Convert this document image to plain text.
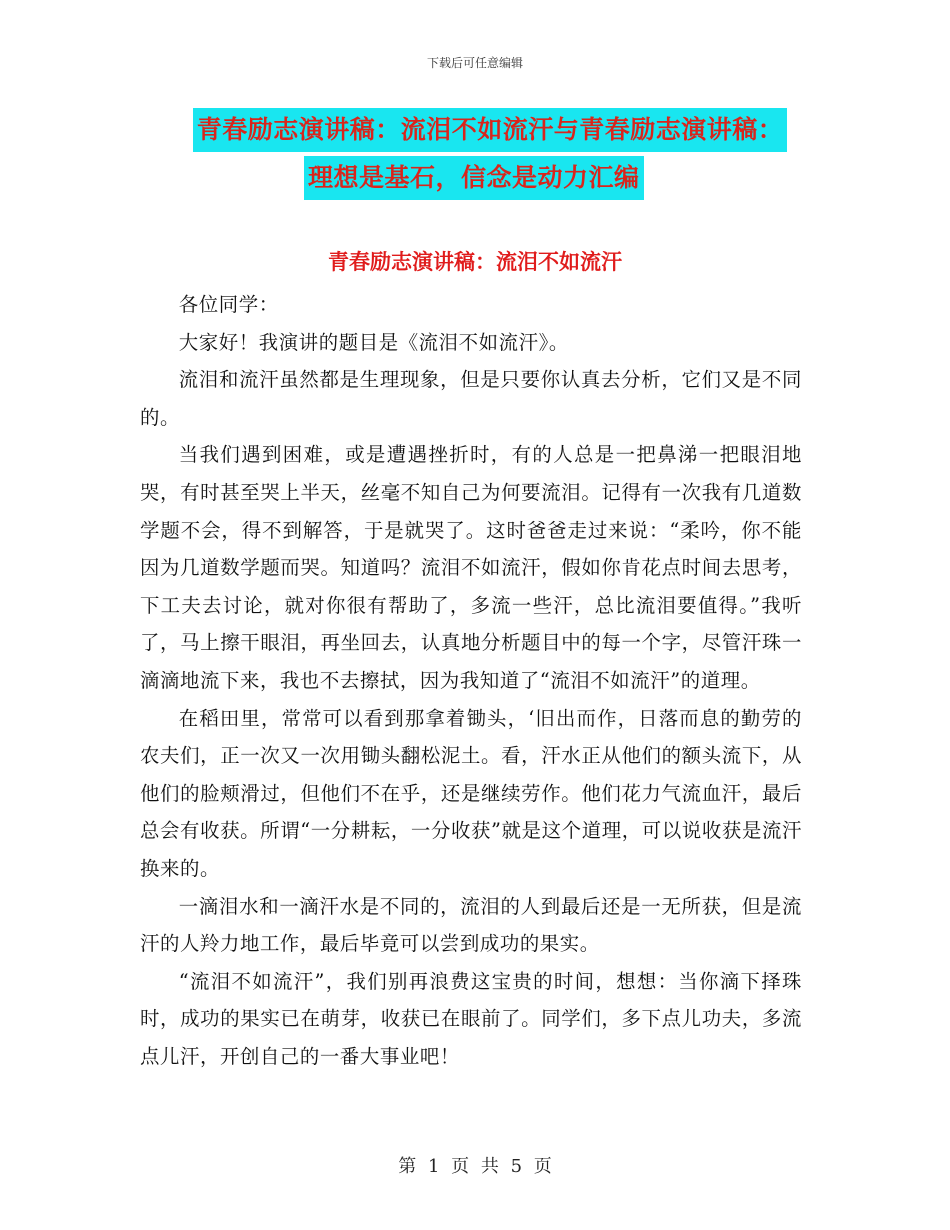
下载后可任意编辑
青春励志演讲稿：流泪不如流汗与青春励志演讲稿：
理想是基石，信念是动力汇编
青春励志演讲稿：流泪不如流汗

各位同学：

大家好！我演讲的题目是《流泪不如流汗》。

流泪和流汗虽然都是生理现象，但是只要你认真去分析，它们又是不同的。

当我们遇到困难，或是遭遇挫折时，有的人总是一把鼻涕一把眼泪地哭，有时甚至哭上半天，丝毫不知自己为何要流泪。记得有一次我有几道数学题不会，得不到解答，于是就哭了。这时爸爸走过来说：“柔吟，你不能因为几道数学题而哭。知道吗？流泪不如流汗，假如你肯花点时间去思考，下工夫去讨论，就对你很有帮助了，多流一些汗，总比流泪要值得。”我听了，马上擦干眼泪，再坐回去，认真地分析题目中的每一个字，尽管汗珠一滴滴地流下来，我也不去擦拭，因为我知道了“流泪不如流汗”的道理。

在稻田里，常常可以看到那拿着锄头，‘旧出而作，日落而息的勤劳的农夫们，正一次又一次用锄头翻松泥土。看，汗水正从他们的额头流下，从他们的脸颊滑过，但他们不在乎，还是继续劳作。他们花力气流血汗，最后总会有收获。所谓“一分耕耘，一分收获”就是这个道理，可以说收获是流汗换来的。

一滴泪水和一滴汗水是不同的，流泪的人到最后还是一无所获，但是流汗的人羚力地工作，最后毕竟可以尝到成功的果实。

“流泪不如流汗”，我们别再浪费这宝贵的时间，想想：当你滴下择珠时，成功的果实已在萌芽，收获已在眼前了。同学们，多下点儿功夫，多流点儿汗，开创自己的一番大事业吧！

第 1 页 共 5 页
